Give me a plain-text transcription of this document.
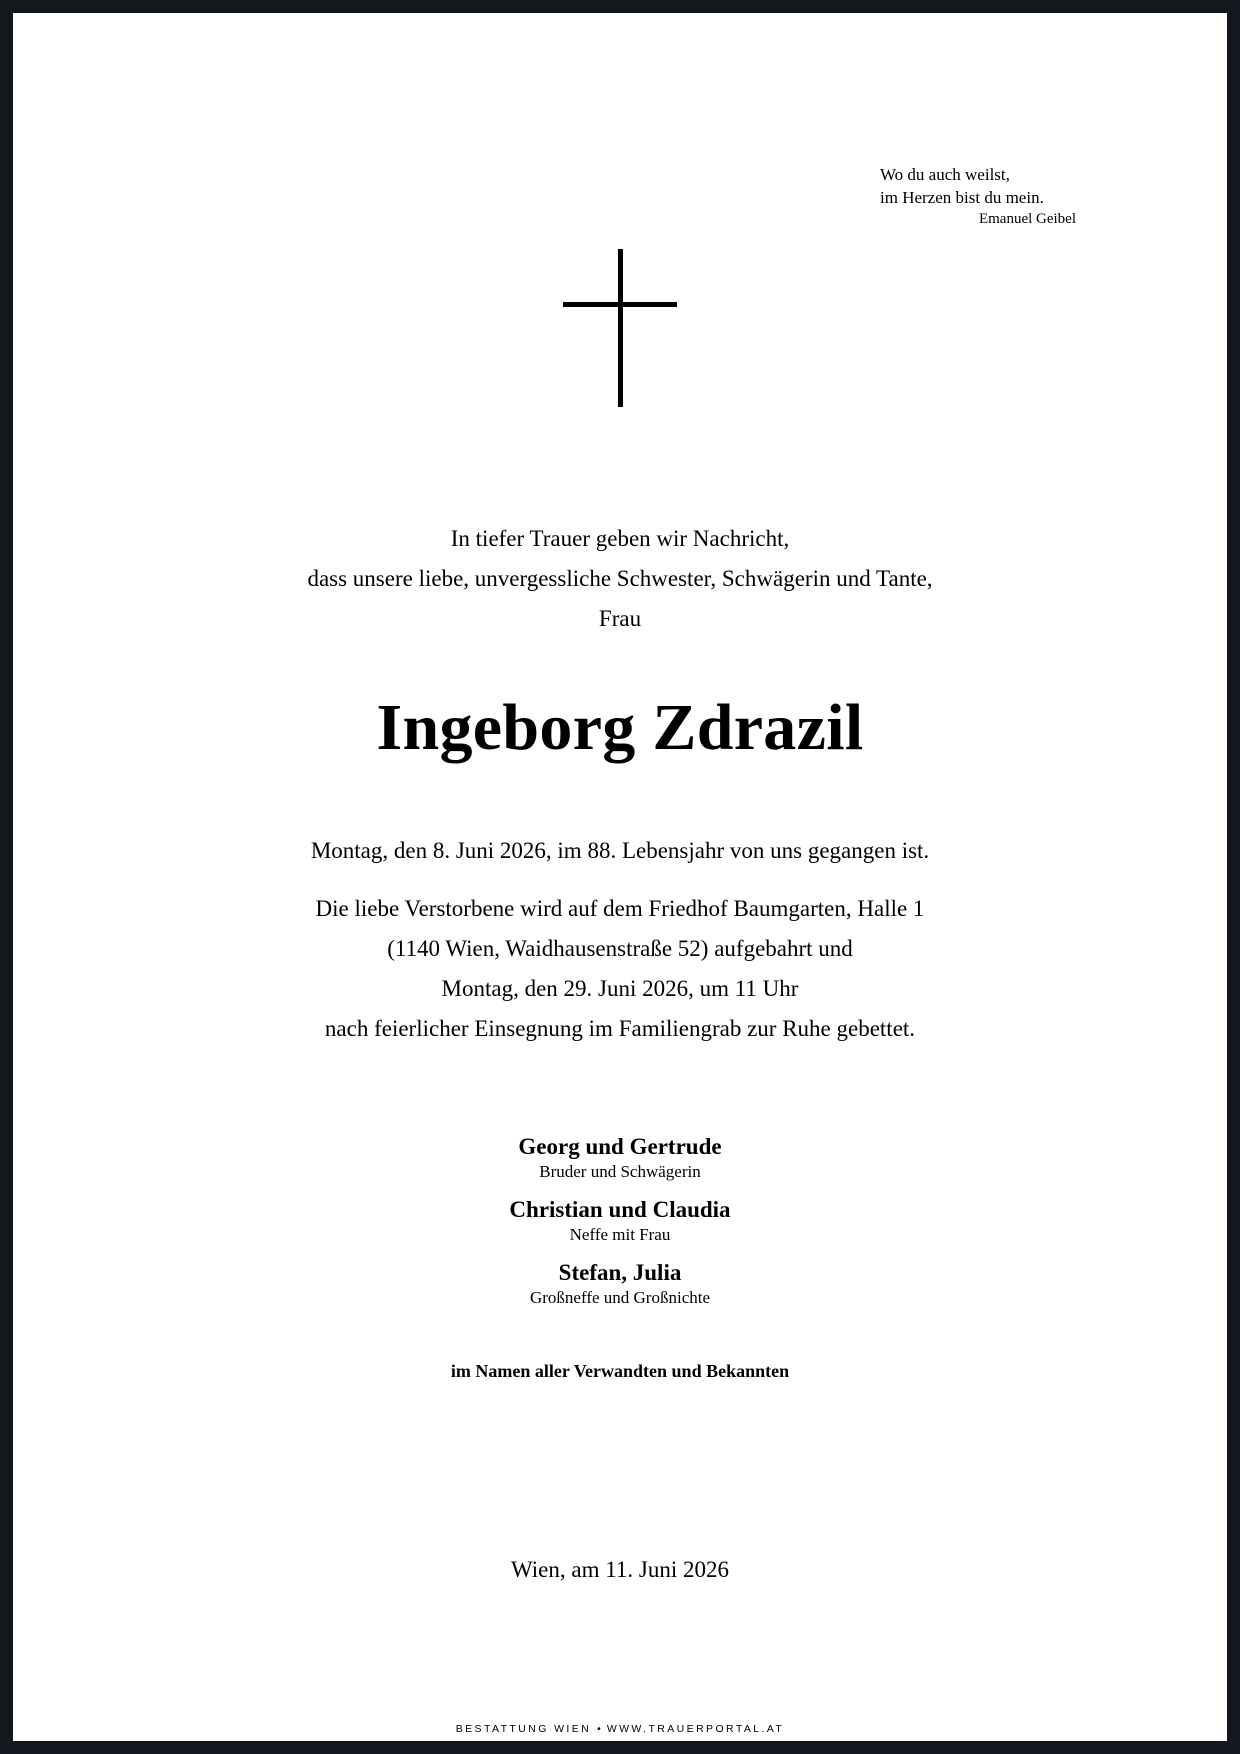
Wo du auch weilst,
im Herzen bist du mein.
Emanuel Geibel
In tiefer Trauer geben wir Nachricht,
dass unsere liebe, unvergessliche Schwester, Schwägerin und Tante,
Frau
Ingeborg Zdrazil
Montag, den 8. Juni 2026, im 88. Lebensjahr von uns gegangen ist.
Die liebe Verstorbene wird auf dem Friedhof Baumgarten, Halle 1
(1140 Wien, Waidhausenstraße 52) aufgebahrt und
Montag, den 29. Juni 2026, um 11 Uhr
nach feierlicher Einsegnung im Familiengrab zur Ruhe gebettet.
Georg und Gertrude
Bruder und Schwägerin
Christian und Claudia
Neffe mit Frau
Stefan, Julia
Großneffe und Großnichte
im Namen aller Verwandten und Bekannten
Wien, am 11. Juni 2026
BESTATTUNG WIEN • WWW.TRAUERPORTAL.AT
